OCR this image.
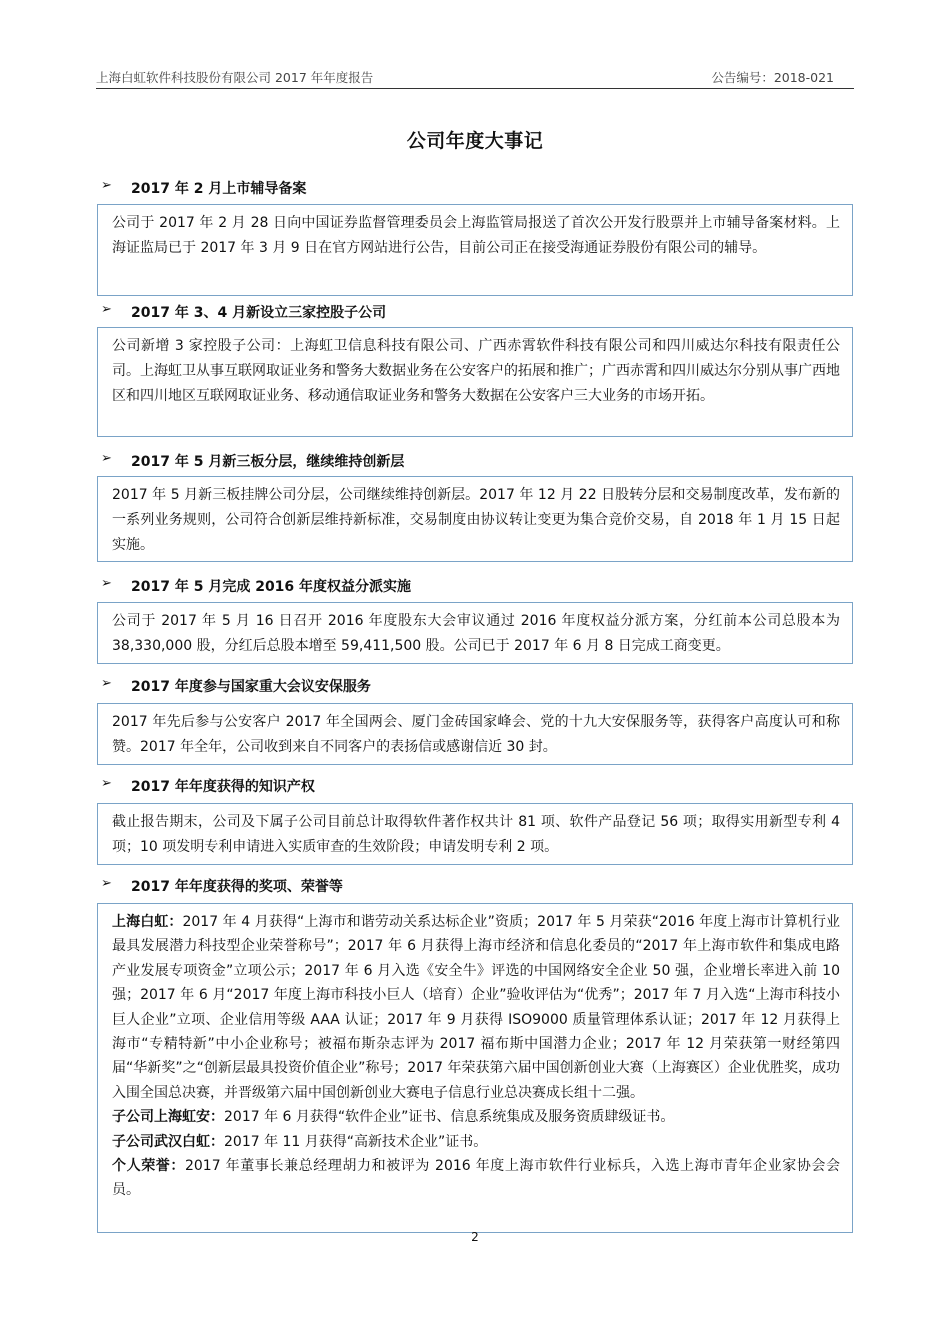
上海白虹软件科技股份有限公司 2017 年年度报告	公告编号：2018-021
公司年度大事记
➢ 2017 年 2 月上市辅导备案

公司于 2017 年 2 月 28 日向中国证券监督管理委员会上海监管局报送了首次公开发行股票并上市辅导备案材料。上海证监局已于 2017 年 3 月 9 日在官方网站进行公告，目前公司正在接受海通证券股份有限公司的辅导。

➢ 2017 年 3、4 月新设立三家控股子公司

公司新增 3 家控股子公司：上海虹卫信息科技有限公司、广西赤霄软件科技有限公司和四川威达尔科技有限责任公司。上海虹卫从事互联网取证业务和警务大数据业务在公安客户的拓展和推广；广西赤霄和四川威达尔分别从事广西地区和四川地区互联网取证业务、移动通信取证业务和警务大数据在公安客户三大业务的市场开拓。

➢ 2017 年 5 月新三板分层，继续维持创新层

2017 年 5 月新三板挂牌公司分层，公司继续维持创新层。2017 年 12 月 22 日股转分层和交易制度改革，发布新的一系列业务规则，公司符合创新层维持新标准，交易制度由协议转让变更为集合竞价交易，自 2018 年 1 月 15 日起实施。

➢ 2017 年 5 月完成 2016 年度权益分派实施

公司于 2017 年 5 月 16 日召开 2016 年度股东大会审议通过 2016 年度权益分派方案，分红前本公司总股本为 38,330,000 股，分红后总股本增至 59,411,500 股。公司已于 2017 年 6 月 8 日完成工商变更。

➢ 2017 年度参与国家重大会议安保服务

2017 年先后参与公安客户 2017 年全国两会、厦门金砖国家峰会、党的十九大安保服务等，获得客户高度认可和称赞。2017 年全年，公司收到来自不同客户的表扬信或感谢信近 30 封。

➢ 2017 年年度获得的知识产权

截止报告期末，公司及下属子公司目前总计取得软件著作权共计 81 项、软件产品登记 56 项；取得实用新型专利 4 项；10 项发明专利申请进入实质审查的生效阶段；申请发明专利 2 项。

➢ 2017 年年度获得的奖项、荣誉等

上海白虹：2017 年 4 月获得“上海市和谐劳动关系达标企业”资质；2017 年 5 月荣获“2016 年度上海市计算机行业最具发展潜力科技型企业荣誉称号”；2017 年 6 月获得上海市经济和信息化委员的“2017 年上海市软件和集成电路产业发展专项资金”立项公示；2017 年 6 月入选《安全牛》评选的中国网络安全企业 50 强，企业增长率进入前 10 强；2017 年 6 月“2017 年度上海市科技小巨人（培育）企业”验收评估为“优秀”；2017 年 7 月入选“上海市科技小巨人企业”立项、企业信用等级 AAA 认证；2017 年 9 月获得 ISO9000 质量管理体系认证；2017 年 12 月获得上海市“专精特新”中小企业称号；被福布斯杂志评为 2017 福布斯中国潜力企业；2017 年 12 月荣获第一财经第四届“华新奖”之“创新层最具投资价值企业”称号；2017 年荣获第六届中国创新创业大赛（上海赛区）企业优胜奖，成功入围全国总决赛，并晋级第六届中国创新创业大赛电子信息行业总决赛成长组十二强。

子公司上海虹安：2017 年 6 月获得“软件企业”证书、信息系统集成及服务资质肆级证书。

子公司武汉白虹：2017 年 11 月获得“高新技术企业”证书。

个人荣誉：2017 年董事长兼总经理胡力和被评为 2016 年度上海市软件行业标兵，入选上海市青年企业家协会会员。

2
